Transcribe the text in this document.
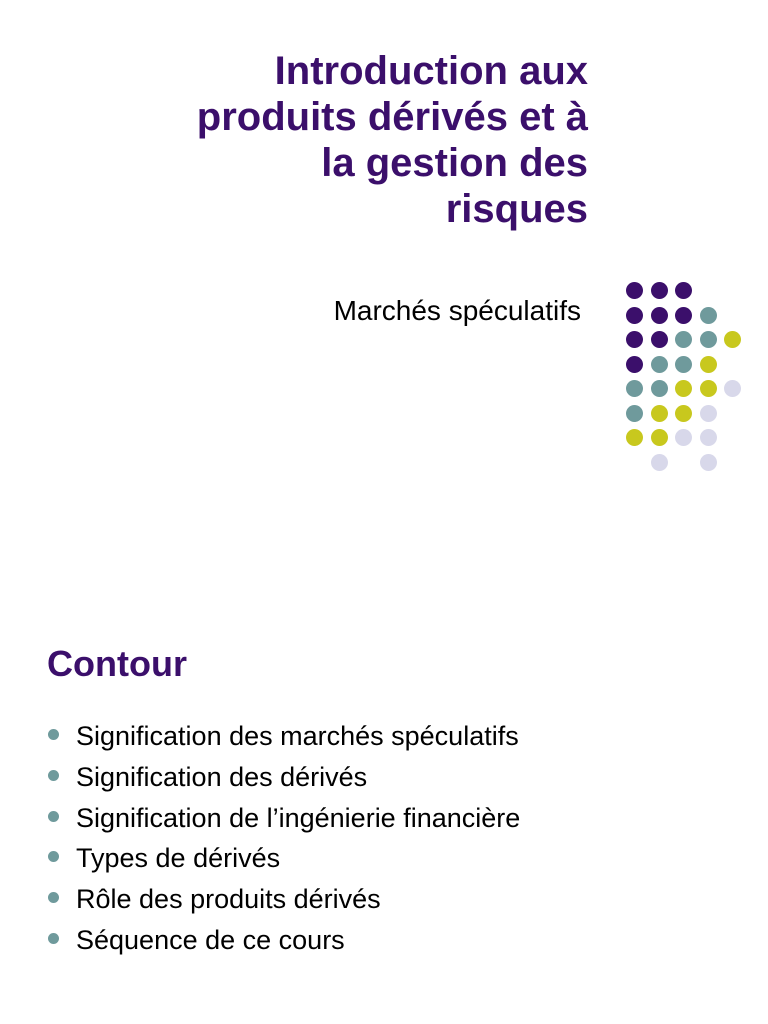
Introduction aux
produits dérivés et à
la gestion des
risques

Marchés spéculatifs

Contour
Signification des marchés spéculatifs
Signification des dérivés
Signification de l’ingénierie financière
Types de dérivés
Rôle des produits dérivés
Séquence de ce cours
